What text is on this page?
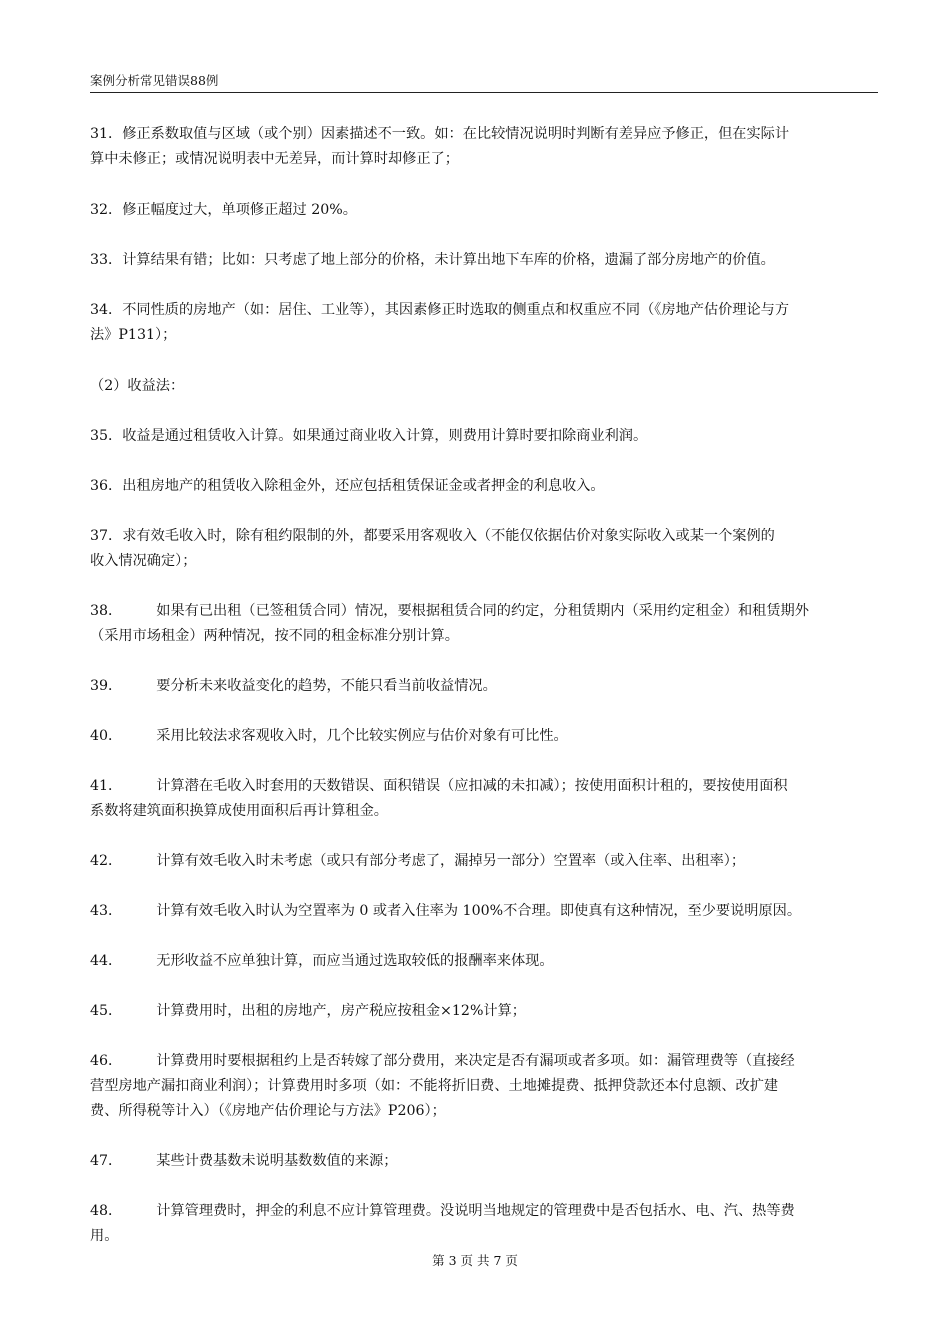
案例分析常见错误88例
31．修正系数取值与区域（或个别）因素描述不一致。如：在比较情况说明时判断有差异应予修正，但在实际计
算中未修正；或情况说明表中无差异，而计算时却修正了；
32．修正幅度过大，单项修正超过 20%。
33．计算结果有错；比如：只考虑了地上部分的价格，未计算出地下车库的价格，遗漏了部分房地产的价值。
34．不同性质的房地产（如：居住、工业等），其因素修正时选取的侧重点和权重应不同（《房地产估价理论与方
法》P131）；
（2）收益法：
35．收益是通过租赁收入计算。如果通过商业收入计算，则费用计算时要扣除商业利润。
36．出租房地产的租赁收入除租金外，还应包括租赁保证金或者押金的利息收入。
37．求有效毛收入时，除有租约限制的外，都要采用客观收入（不能仅依据估价对象实际收入或某一个案例的
收入情况确定）；
38． 如果有已出租（已签租赁合同）情况，要根据租赁合同的约定，分租赁期内（采用约定租金）和租赁期外
（采用市场租金）两种情况，按不同的租金标准分别计算。
39． 要分析未来收益变化的趋势，不能只看当前收益情况。
40． 采用比较法求客观收入时，几个比较实例应与估价对象有可比性。
41． 计算潜在毛收入时套用的天数错误、面积错误（应扣减的未扣减）；按使用面积计租的，要按使用面积
系数将建筑面积换算成使用面积后再计算租金。
42． 计算有效毛收入时未考虑（或只有部分考虑了，漏掉另一部分）空置率（或入住率、出租率）；
43． 计算有效毛收入时认为空置率为 0 或者入住率为 100%不合理。即使真有这种情况，至少要说明原因。
44． 无形收益不应单独计算，而应当通过选取较低的报酬率来体现。
45． 计算费用时，出租的房地产，房产税应按租金×12%计算；
46． 计算费用时要根据租约上是否转嫁了部分费用，来决定是否有漏项或者多项。如：漏管理费等（直接经
营型房地产漏扣商业利润）；计算费用时多项（如：不能将折旧费、土地摊提费、抵押贷款还本付息额、改扩建
费、所得税等计入）（《房地产估价理论与方法》P206）；
47． 某些计费基数未说明基数数值的来源；
48． 计算管理费时，押金的利息不应计算管理费。没说明当地规定的管理费中是否包括水、电、汽、热等费
用。
第 3 页 共 7 页
